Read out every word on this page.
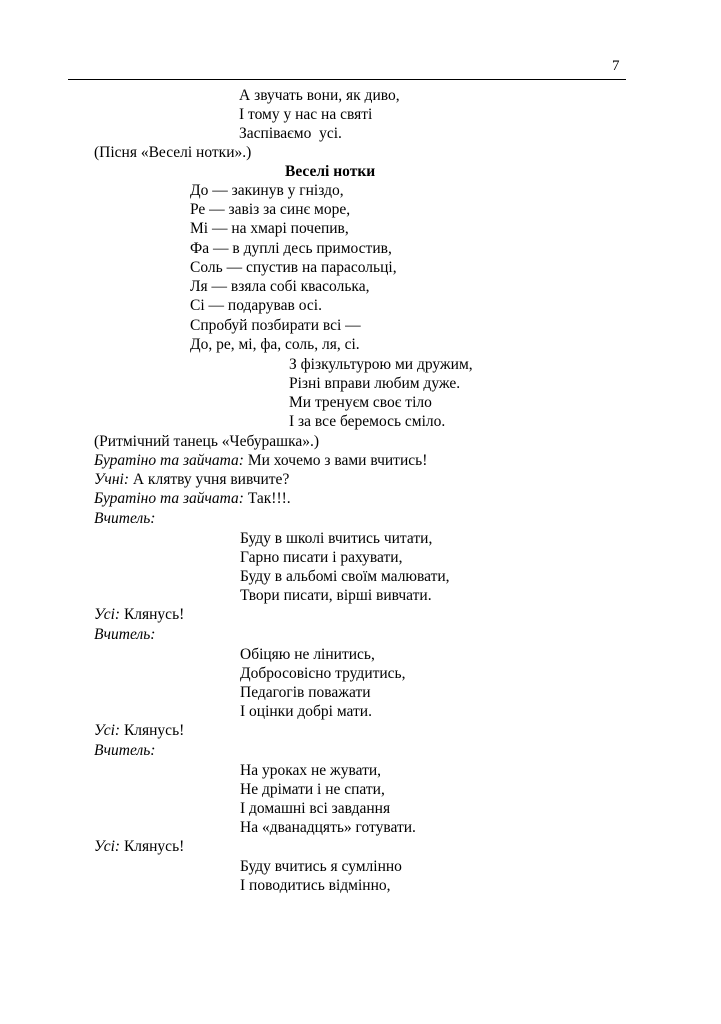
7
А звучать вони, як диво,
І тому у нас на святі
Заспіваємо  усі.
(Пісня «Веселі нотки».)
Веселі нотки
До — закинув у гніздо,
Ре — завіз за синє море,
Мі — на хмарі почепив,
Фа — в дуплі десь примостив,
Соль — спустив на парасольці,
Ля — взяла собі квасолька,
Сі — подарував осі.
Спробуй позбирати всі —
До, ре, мі, фа, соль, ля, сі.
З фізкультурою ми дружим,
Різні вправи любим дуже.
Ми тренуєм своє тіло
І за все беремось сміло.
(Ритмічний танець «Чебурашка».)
Буратіно та зайчата: Ми хочемо з вами вчитись!
Учні: А клятву учня вивчите?
Буратіно та зайчата: Так!!!.
Вчитель:
Буду в школі вчитись читати,
Гарно писати і рахувати,
Буду в альбомі своїм малювати,
Твори писати, вірші вивчати.
Усі: Клянусь!
Вчитель:
Обіцяю не лінитись,
Добросовісно трудитись,
Педагогів поважати
І оцінки добрі мати.
Усі: Клянусь!
Вчитель:
На уроках не жувати,
Не дрімати і не спати,
І домашні всі завдання
На «дванадцять» готувати.
Усі: Клянусь!
Буду вчитись я сумлінно
І поводитись відмінно,
